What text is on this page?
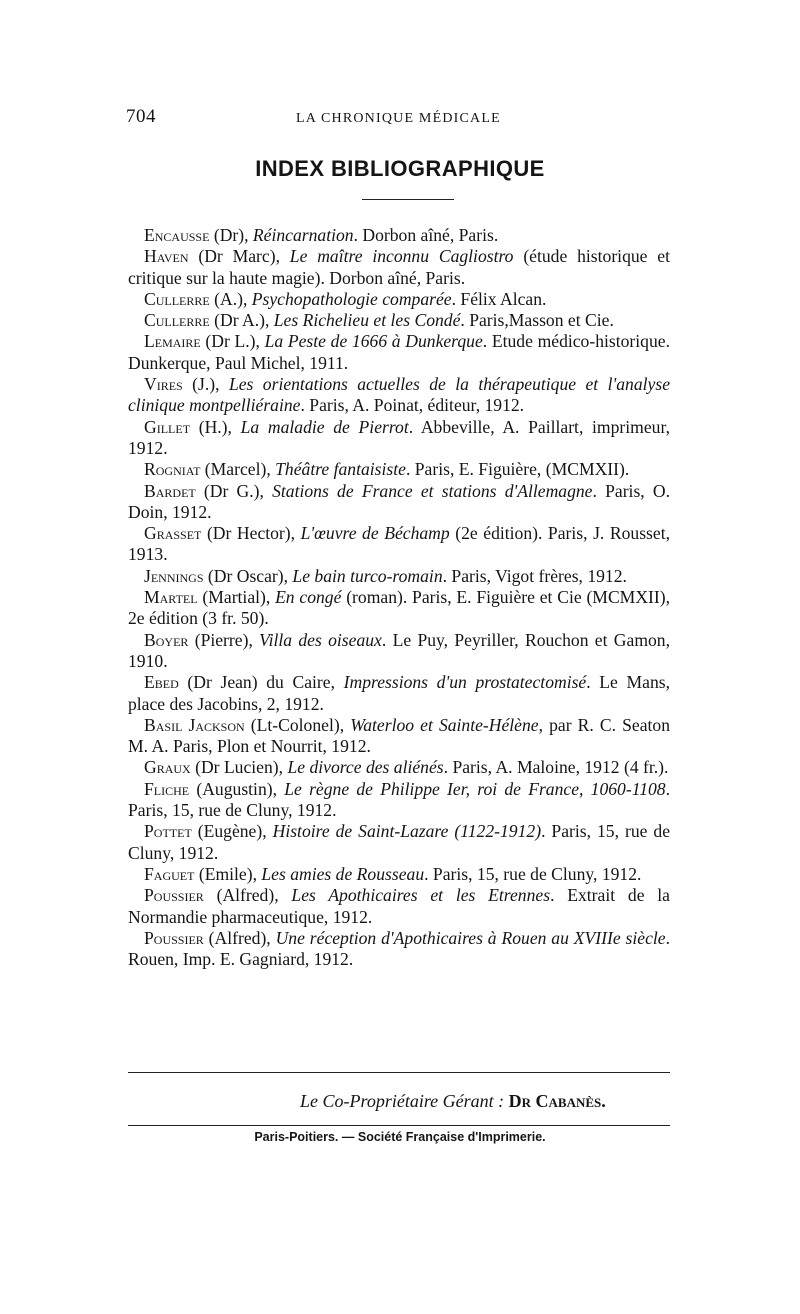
704	LA CHRONIQUE MÉDICALE
INDEX BIBLIOGRAPHIQUE

Encausse (Dr), Réincarnation. Dorbon aîné, Paris.

Haven (Dr Marc), Le maître inconnu Cagliostro (étude historique et critique sur la haute magie). Dorbon aîné, Paris.

Cullerre (A.), Psychopathologie comparée. Félix Alcan.

Cullerre (Dr A.), Les Richelieu et les Condé. Paris,Masson et Cie.

Lemaire (Dr L.), La Peste de 1666 à Dunkerque. Etude médico-historique. Dunkerque, Paul Michel, 1911.

Vires (J.), Les orientations actuelles de la thérapeutique et l'analyse clinique montpelliéraine. Paris, A. Poinat, éditeur, 1912.

Gillet (H.), La maladie de Pierrot. Abbeville, A. Paillart, imprimeur, 1912.

Rogniat (Marcel), Théâtre fantaisiste. Paris, E. Figuière, (MCMXII).

Bardet (Dr G.), Stations de France et stations d'Allemagne. Paris, O. Doin, 1912.

Grasset (Dr Hector), L'œuvre de Béchamp (2e édition). Paris, J. Rousset, 1913.

Jennings (Dr Oscar), Le bain turco-romain. Paris, Vigot frères, 1912.

Martel (Martial), En congé (roman). Paris, E. Figuière et Cie (MCMXII), 2e édition (3 fr. 50).

Boyer (Pierre), Villa des oiseaux. Le Puy, Peyriller, Rouchon et Gamon, 1910.

Ebed (Dr Jean) du Caire, Impressions d'un prostatectomisé. Le Mans, place des Jacobins, 2, 1912.

Basil Jackson (Lt-Colonel), Waterloo et Sainte-Hélène, par R. C. Seaton M. A. Paris, Plon et Nourrit, 1912.

Graux (Dr Lucien), Le divorce des aliénés. Paris, A. Maloine, 1912 (4 fr.).

Fliche (Augustin), Le règne de Philippe Ier, roi de France, 1060-1108. Paris, 15, rue de Cluny, 1912.

Pottet (Eugène), Histoire de Saint-Lazare (1122-1912). Paris, 15, rue de Cluny, 1912.

Faguet (Emile), Les amies de Rousseau. Paris, 15, rue de Cluny, 1912.

Poussier (Alfred), Les Apothicaires et les Etrennes. Extrait de la Normandie pharmaceutique, 1912.

Poussier (Alfred), Une réception d'Apothicaires à Rouen au XVIIIe siècle. Rouen, Imp. E. Gagniard, 1912.

Le Co-Propriétaire Gérant : Dr Cabanès.
Paris-Poitiers. — Société Française d'Imprimerie.
